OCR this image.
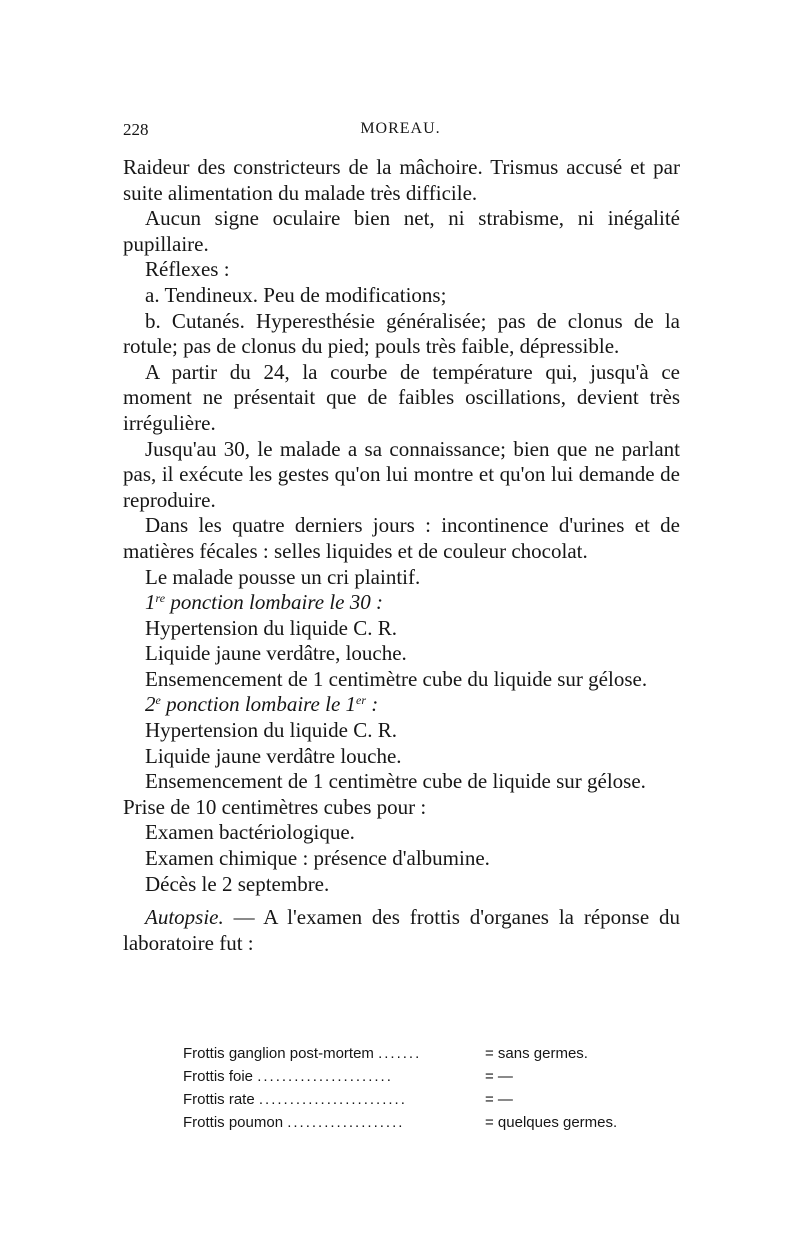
228	MOREAU.

Raideur des constricteurs de la mâchoire. Trismus accusé et par suite alimentation du malade très difficile.

Aucun signe oculaire bien net, ni strabisme, ni inégalité pupillaire.

Réflexes :

a. Tendineux. Peu de modifications;

b. Cutanés. Hyperesthésie généralisée; pas de clonus de la rotule; pas de clonus du pied; pouls très faible, dépressible.

A partir du 24, la courbe de température qui, jusqu'à ce moment ne présentait que de faibles oscillations, devient très irrégulière.

Jusqu'au 30, le malade a sa connaissance; bien que ne parlant pas, il exécute les gestes qu'on lui montre et qu'on lui demande de reproduire.

Dans les quatre derniers jours : incontinence d'urines et de matières fécales : selles liquides et de couleur chocolat.

Le malade pousse un cri plaintif.

1re ponction lombaire le 30 :

Hypertension du liquide C. R.

Liquide jaune verdâtre, louche.

Ensemencement de 1 centimètre cube du liquide sur gélose.

2e ponction lombaire le 1er :

Hypertension du liquide C. R.

Liquide jaune verdâtre louche.

Ensemencement de 1 centimètre cube de liquide sur gélose.

Prise de 10 centimètres cubes pour :

Examen bactériologique.

Examen chimique : présence d'albumine.

Décès le 2 septembre.

Autopsie. — A l'examen des frottis d'organes la réponse du laboratoire fut :

Frottis ganglion post-mortem .......	= sans germes.
Frottis foie ......................	= —
Frottis rate ........................	= —
Frottis poumon ...................	= quelques germes.
